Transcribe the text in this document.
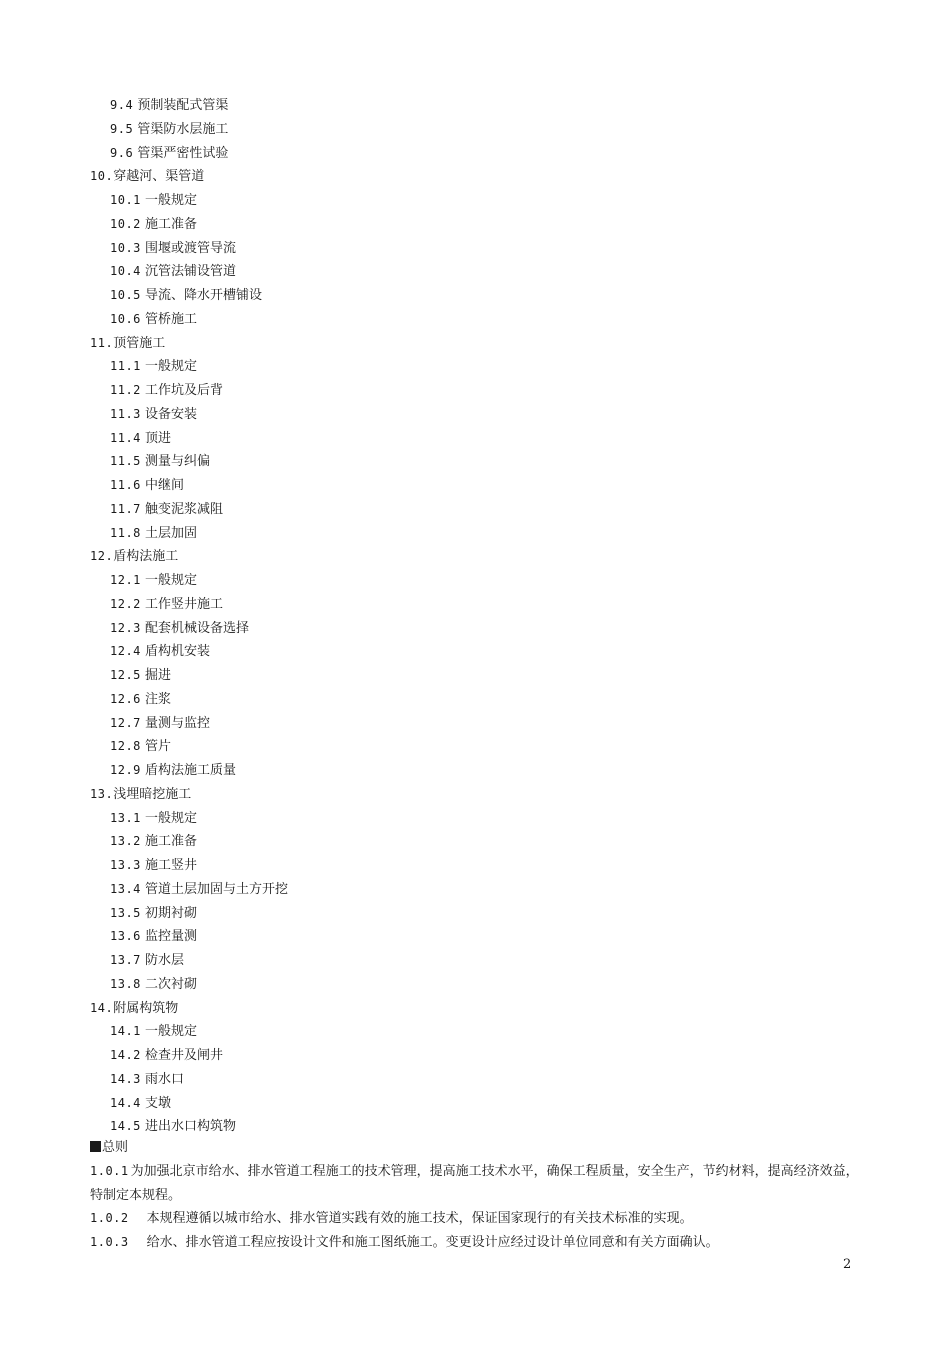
9.4 预制装配式管渠
9.5 管渠防水层施工
9.6 管渠严密性试验
10.穿越河、渠管道
10.1 一般规定
10.2 施工准备
10.3 围堰或渡管导流
10.4 沉管法铺设管道
10.5 导流、降水开槽铺设
10.6 管桥施工
11.顶管施工
11.1 一般规定
11.2 工作坑及后背
11.3 设备安装
11.4 顶进
11.5 测量与纠偏
11.6 中继间
11.7 触变泥浆减阻
11.8 土层加固
12.盾构法施工
12.1 一般规定
12.2 工作竖井施工
12.3 配套机械设备选择
12.4 盾构机安装
12.5 掘进
12.6 注浆
12.7 量测与监控
12.8 管片
12.9 盾构法施工质量
13.浅埋暗挖施工
13.1 一般规定
13.2 施工准备
13.3 施工竖井
13.4 管道土层加固与土方开挖
13.5 初期衬砌
13.6 监控量测
13.7 防水层
13.8 二次衬砌
14.附属构筑物
14.1 一般规定
14.2 检查井及闸井
14.3 雨水口
14.4 支墩
14.5 进出水口构筑物
总则

1.0.1 为加强北京市给水、排水管道工程施工的技术管理，提高施工技术水平，确保工程质量，安全生产，节约材料，提高经济效益，特制定本规程。

1.0.2 本规程遵循以城市给水、排水管道实践有效的施工技术，保证国家现行的有关技术标准的实现。

1.0.3 给水、排水管道工程应按设计文件和施工图纸施工。变更设计应经过设计单位同意和有关方面确认。

2
